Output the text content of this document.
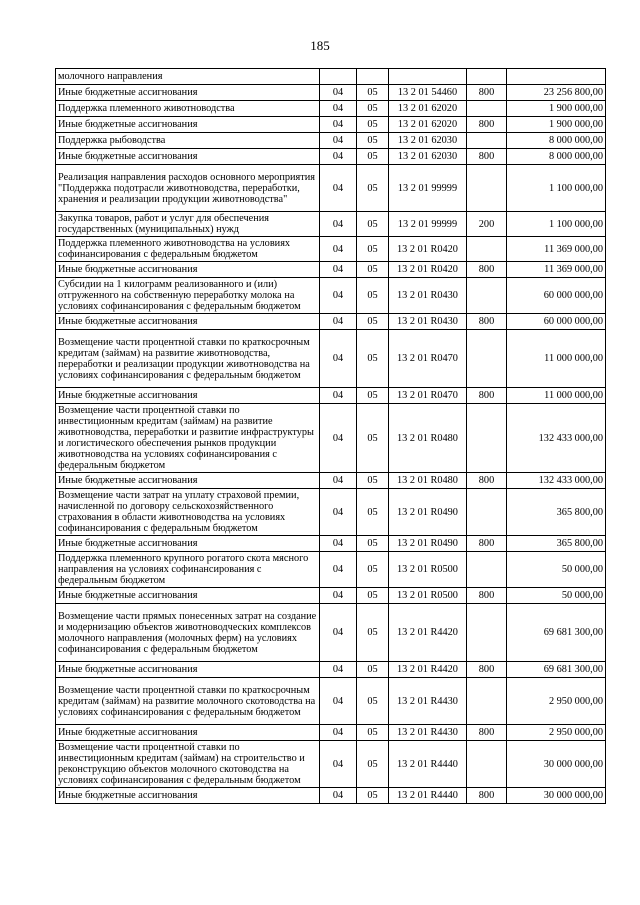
185
молочного направления					
Иные бюджетные ассигнования	04	05	13 2 01 54460	800	23 256 800,00
Поддержка племенного животноводства	04	05	13 2 01 62020		1 900 000,00
Иные бюджетные ассигнования	04	05	13 2 01 62020	800	1 900 000,00
Поддержка рыбоводства	04	05	13 2 01 62030		8 000 000,00
Иные бюджетные ассигнования	04	05	13 2 01 62030	800	8 000 000,00
Реализация направления расходов основного мероприятия "Поддержка подотрасли животноводства, переработки, хранения и реализации продукции животноводства"	04	05	13 2 01 99999		1 100 000,00
Закупка товаров, работ и услуг для обеспечения государственных (муниципальных) нужд	04	05	13 2 01 99999	200	1 100 000,00
Поддержка племенного животноводства на условиях софинансирования с федеральным бюджетом	04	05	13 2 01 R0420		11 369 000,00
Иные бюджетные ассигнования	04	05	13 2 01 R0420	800	11 369 000,00
Субсидии на 1 килограмм реализованного и (или) отгруженного на собственную переработку молока на условиях софинансирования с федеральным бюджетом	04	05	13 2 01 R0430		60 000 000,00
Иные бюджетные ассигнования	04	05	13 2 01 R0430	800	60 000 000,00
Возмещение части процентной ставки по краткосрочным кредитам (займам) на развитие животноводства, переработки и реализации продукции животноводства на условиях софинансирования с федеральным бюджетом	04	05	13 2 01 R0470		11 000 000,00
Иные бюджетные ассигнования	04	05	13 2 01 R0470	800	11 000 000,00
Возмещение части процентной ставки по инвестиционным кредитам (займам) на развитие животноводства, переработки и развитие инфраструктуры и логистического обеспечения рынков продукции животноводства на условиях софинансирования с федеральным бюджетом	04	05	13 2 01 R0480		132 433 000,00
Иные бюджетные ассигнования	04	05	13 2 01 R0480	800	132 433 000,00
Возмещение части затрат на уплату страховой премии, начисленной по договору сельскохозяйственного страхования в области животноводства на условиях софинансирования с федеральным бюджетом	04	05	13 2 01 R0490		365 800,00
Иные бюджетные ассигнования	04	05	13 2 01 R0490	800	365 800,00
Поддержка племенного крупного рогатого скота мясного направления на условиях софинансирования с федеральным бюджетом	04	05	13 2 01 R0500		50 000,00
Иные бюджетные ассигнования	04	05	13 2 01 R0500	800	50 000,00
Возмещение части прямых понесенных затрат на создание и модернизацию объектов животноводческих комплексов молочного направления (молочных ферм) на условиях софинансирования с федеральным бюджетом	04	05	13 2 01 R4420		69 681 300,00
Иные бюджетные ассигнования	04	05	13 2 01 R4420	800	69 681 300,00
Возмещение части процентной ставки по краткосрочным кредитам (займам) на развитие молочного скотоводства на условиях софинансирования с федеральным бюджетом	04	05	13 2 01 R4430		2 950 000,00
Иные бюджетные ассигнования	04	05	13 2 01 R4430	800	2 950 000,00
Возмещение части процентной ставки по инвестиционным кредитам (займам) на строительство и реконструкцию объектов молочного скотоводства на условиях софинансирования с федеральным бюджетом	04	05	13 2 01 R4440		30 000 000,00
Иные бюджетные ассигнования	04	05	13 2 01 R4440	800	30 000 000,00
